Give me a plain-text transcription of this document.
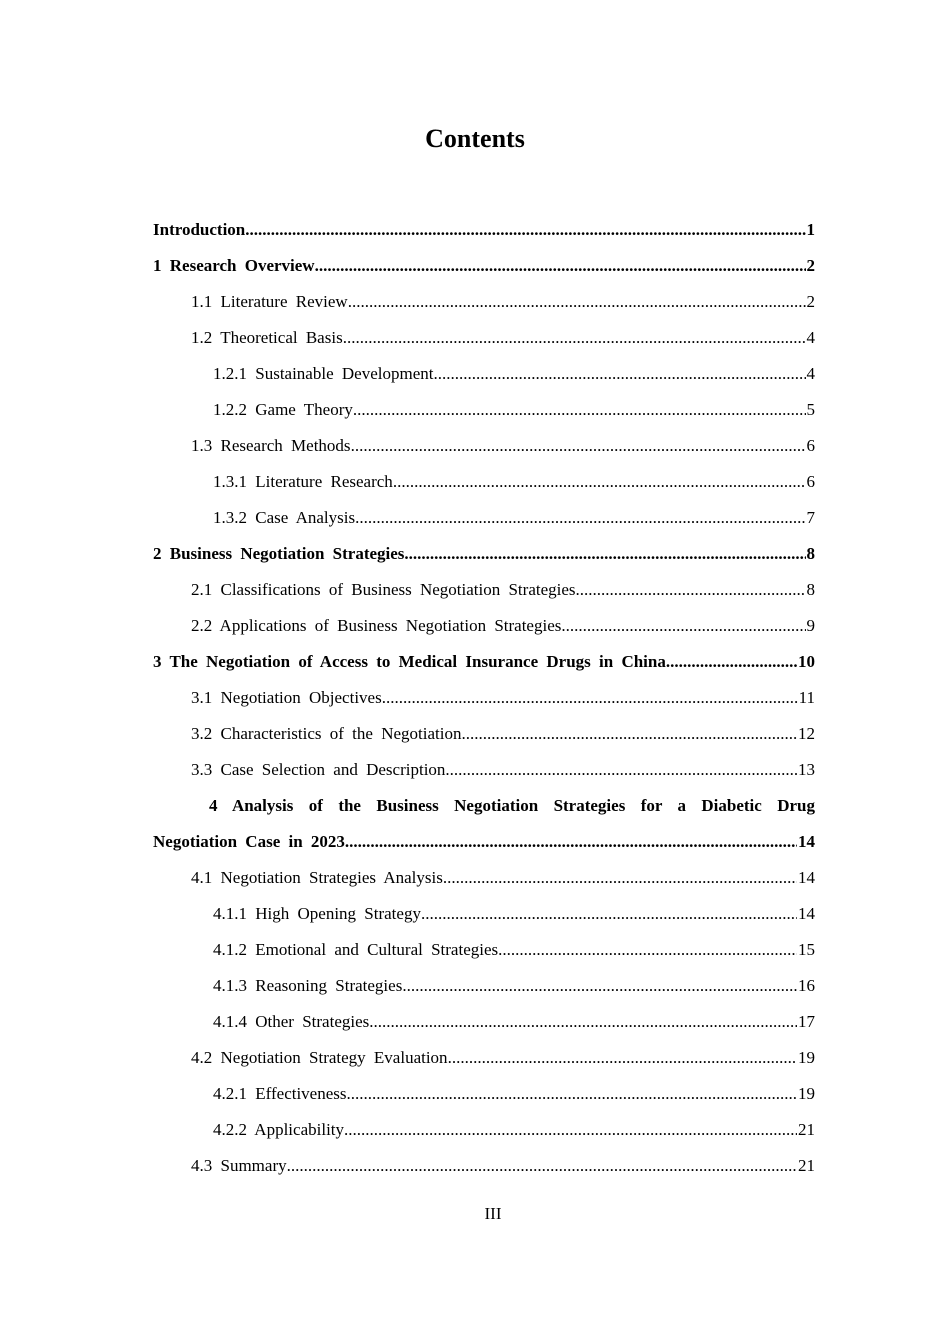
Contents
Introduction .....	1
1 Research Overview .....	2
1.1 Literature Review .....	2
1.2 Theoretical Basis .....	4
1.2.1 Sustainable Development .....	4
1.2.2 Game Theory .....	5
1.3 Research Methods .....	6
1.3.1 Literature Research .....	6
1.3.2 Case Analysis .....	7
2 Business Negotiation Strategies .....	8
2.1 Classifications of Business Negotiation Strategies .....	8
2.2 Applications of Business Negotiation Strategies .....	9
3 The Negotiation of Access to Medical Insurance Drugs in China .....	10
3.1 Negotiation Objectives .....	11
3.2 Characteristics of the Negotiation .....	12
3.3 Case Selection and Description .....	13
4 Analysis of the Business Negotiation Strategies for a Diabetic Drug
Negotiation Case in 2023 .....	14
4.1 Negotiation Strategies Analysis .....	14
4.1.1 High Opening Strategy .....	14
4.1.2 Emotional and Cultural Strategies .....	15
4.1.3 Reasoning Strategies .....	16
4.1.4 Other Strategies .....	17
4.2 Negotiation Strategy Evaluation .....	19
4.2.1 Effectiveness .....	19
4.2.2 Applicability .....	21
4.3 Summary .....	21
III
